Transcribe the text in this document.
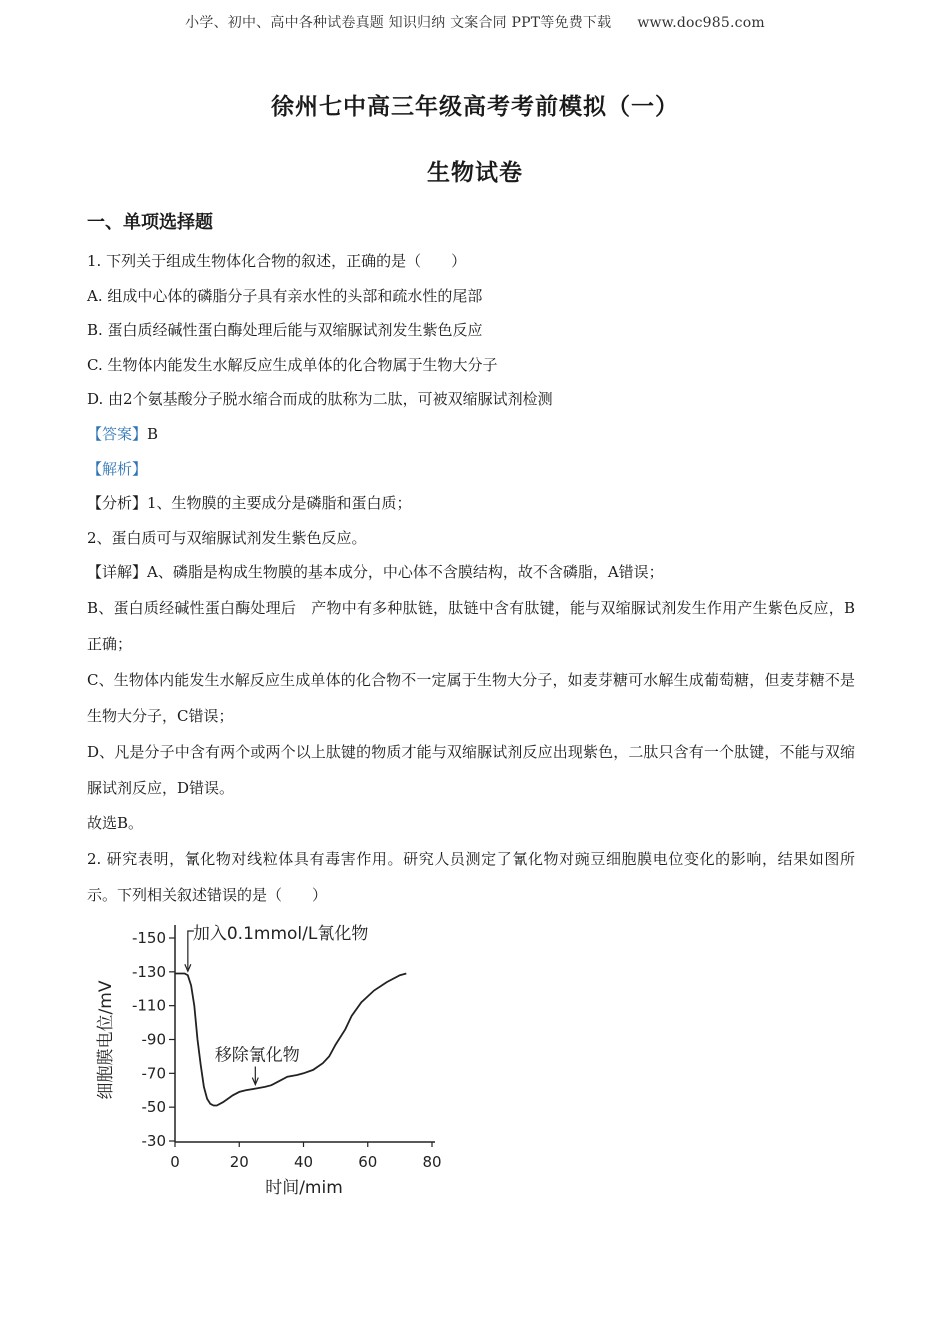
小学、初中、高中各种试卷真题 知识归纳 文案合同 PPT等免费下载 www.doc985.com
徐州七中高三年级高考考前模拟（一）
生物试卷
一、单项选择题

1. 下列关于组成生物体化合物的叙述，正确的是（　　）

A. 组成中心体的磷脂分子具有亲水性的头部和疏水性的尾部

B. 蛋白质经碱性蛋白酶处理后能与双缩脲试剂发生紫色反应

C. 生物体内能发生水解反应生成单体的化合物属于生物大分子

D. 由2个氨基酸分子脱水缩合而成的肽称为二肽，可被双缩脲试剂检测

【答案】B

【解析】

【分析】1、生物膜的主要成分是磷脂和蛋白质；

2、蛋白质可与双缩脲试剂发生紫色反应。

【详解】A、磷脂是构成生物膜的基本成分，中心体不含膜结构，故不含磷脂，A错误；

B、蛋白质经碱性蛋白酶处理后　产物中有多种肽链，肽链中含有肽键，能与双缩脲试剂发生作用产生紫色反应，B正确；

C、生物体内能发生水解反应生成单体的化合物不一定属于生物大分子，如麦芽糖可水解生成葡萄糖，但麦芽糖不是生物大分子，C错误；

D、凡是分子中含有两个或两个以上肽键的物质才能与双缩脲试剂反应出现紫色，二肽只含有一个肽键，不能与双缩脲试剂反应，D错误。

故选B。

2. 研究表明，氰化物对线粒体具有毒害作用。研究人员测定了氰化物对豌豆细胞膜电位变化的影响，结果如图所示。下列相关叙述错误的是（　　）

-150
-130
-110
-90
-70
-50
-30
0	20	40	60	80
细胞膜电位/mV
时间/mim
加入0.1mmol/L氰化物
移除氰化物
